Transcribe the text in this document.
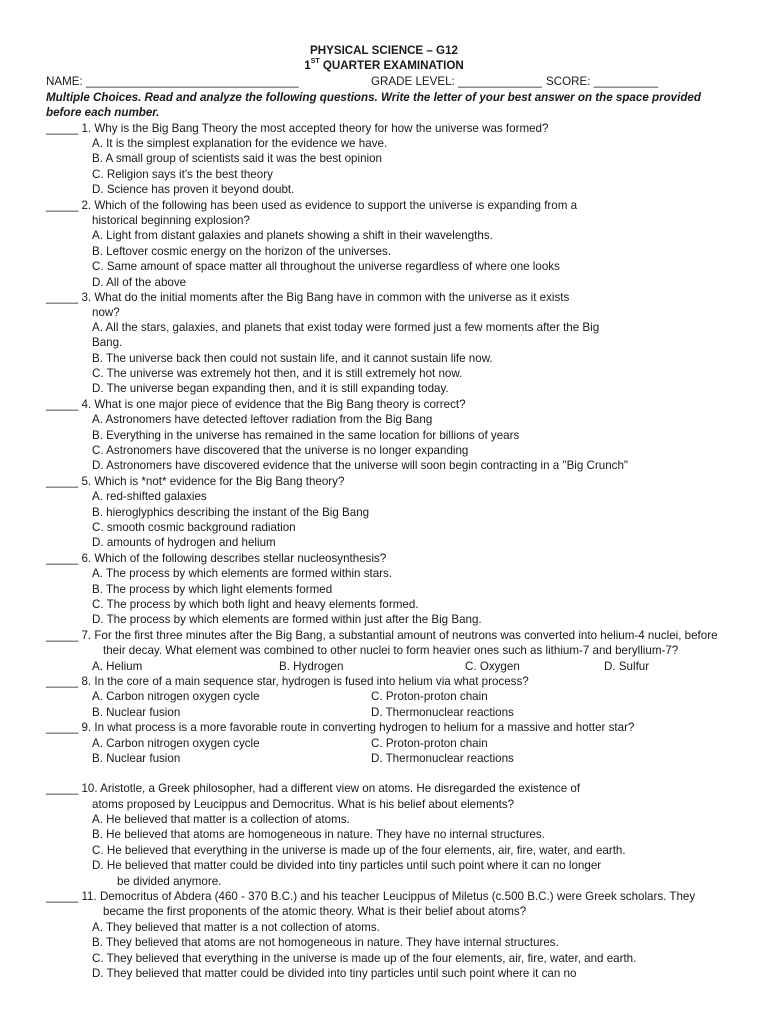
PHYSICAL SCIENCE – G12
1ST QUARTER EXAMINATION
NAME: _________________________________	GRADE LEVEL: _____________ SCORE: __________
Multiple Choices. Read and analyze the following questions. Write the letter of your best answer on the space provided
before each number.
_____ 1. Why is the Big Bang Theory the most accepted theory for how the universe was formed?
A. It is the simplest explanation for the evidence we have.
B. A small group of scientists said it was the best opinion
C. Religion says it’s the best theory
D. Science has proven it beyond doubt.
_____ 2. Which of the following has been used as evidence to support the universe is expanding from a
historical beginning explosion?
A. Light from distant galaxies and planets showing a shift in their wavelengths.
B. Leftover cosmic energy on the horizon of the universes.
C. Same amount of space matter all throughout the universe regardless of where one looks
D. All of the above
_____ 3. What do the initial moments after the Big Bang have in common with the universe as it exists
now?
A. All the stars, galaxies, and planets that exist today were formed just a few moments after the Big
Bang.
B. The universe back then could not sustain life, and it cannot sustain life now.
C. The universe was extremely hot then, and it is still extremely hot now.
D. The universe began expanding then, and it is still expanding today.
_____ 4. What is one major piece of evidence that the Big Bang theory is correct?
A. Astronomers have detected leftover radiation from the Big Bang
B. Everything in the universe has remained in the same location for billions of years
C. Astronomers have discovered that the universe is no longer expanding
D. Astronomers have discovered evidence that the universe will soon begin contracting in a "Big Crunch"
_____ 5. Which is *not* evidence for the Big Bang theory?
A. red-shifted galaxies
B. hieroglyphics describing the instant of the Big Bang
C. smooth cosmic background radiation
D. amounts of hydrogen and helium
_____ 6. Which of the following describes stellar nucleosynthesis?
A. The process by which elements are formed within stars.
B. The process by which light elements formed
C. The process by which both light and heavy elements formed.
D. The process by which elements are formed within just after the Big Bang.
_____ 7. For the first three minutes after the Big Bang, a substantial amount of neutrons was converted into helium-4 nuclei, before
their decay. What element was combined to other nuclei to form heavier ones such as lithium-7 and beryllium-7?
A. Helium	B. Hydrogen	C. Oxygen	D. Sulfur
_____ 8. In the core of a main sequence star, hydrogen is fused into helium via what process?
A. Carbon nitrogen oxygen cycle	C. Proton-proton chain
B. Nuclear fusion	D. Thermonuclear reactions
_____ 9. In what process is a more favorable route in converting hydrogen to helium for a massive and hotter star?
A. Carbon nitrogen oxygen cycle	C. Proton-proton chain
B. Nuclear fusion	D. Thermonuclear reactions
_____ 10. Aristotle, a Greek philosopher, had a different view on atoms. He disregarded the existence of
atoms proposed by Leucippus and Democritus. What is his belief about elements?
A. He believed that matter is a collection of atoms.
B. He believed that atoms are homogeneous in nature. They have no internal structures.
C. He believed that everything in the universe is made up of the four elements, air, fire, water, and earth.
D. He believed that matter could be divided into tiny particles until such point where it can no longer
be divided anymore.
_____ 11. Democritus of Abdera (460 - 370 B.C.) and his teacher Leucippus of Miletus (c.500 B.C.) were Greek scholars. They
became the first proponents of the atomic theory. What is their belief about atoms?
A. They believed that matter is a not collection of atoms.
B. They believed that atoms are not homogeneous in nature. They have internal structures.
C. They believed that everything in the universe is made up of the four elements, air, fire, water, and earth.
D. They believed that matter could be divided into tiny particles until such point where it can no
